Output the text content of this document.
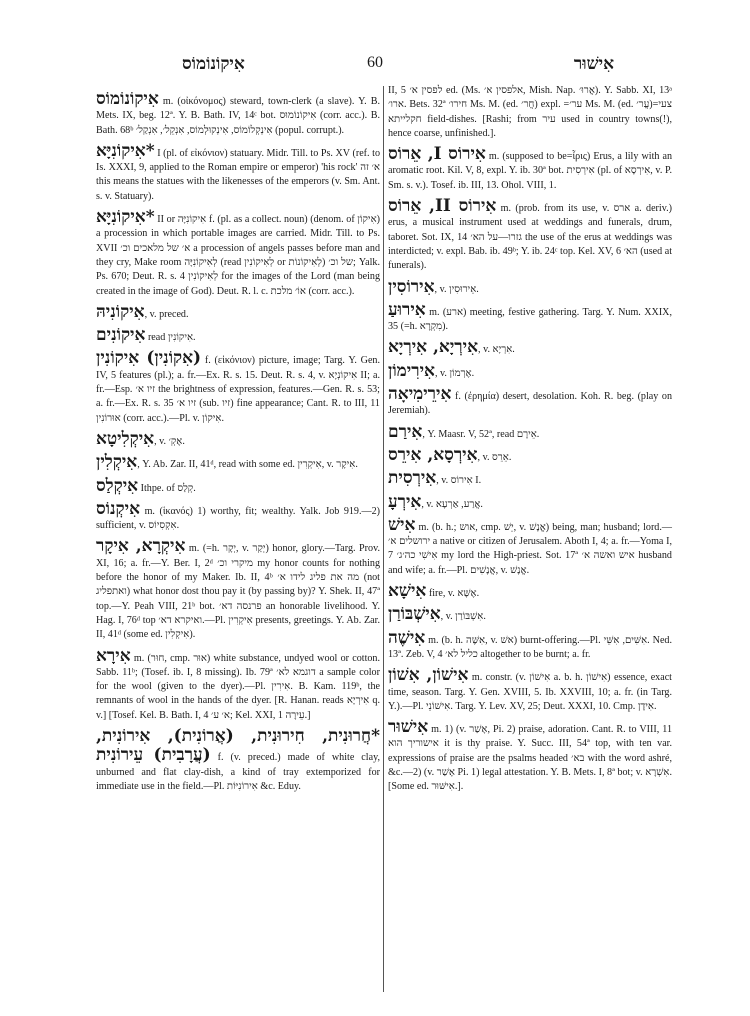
אִיקוֹנוֹמוֹס	60	אִישׁוּר

אִיקוֹנוֹמוֹס m. (οἰκόνομος) steward, town-clerk (a slave). Y. B. Mets. IX, beg. 12ª. Y. B. Bath. IV, 14ᶜ bot. אִיקוֹנוֹמוּס (corr. acc.). B. Bath. 68ᵇ אִינְקְלוֹמוֹס, אִינְקוּלְמוֹס, אִנְקֵל׳, אִנְקַל׳ (popul. corrupt.).

*אִיקוֹנִיָּא I (pl. of εἰκόνιον) statuary. Midr. Till. to Ps. XV (ref. to Is. XXXI, 9, applied to the Roman empire or emperor) 'his rock' א׳ זה this means the statues with the likenesses of the emperors (v. Sm. Ant. s. v. Statuary).

*אִיקוֹנִיָּא II or אִיקוֹנִיָּה f. (pl. as a collect. noun) (denom. of אִיקוֹן) a procession in which portable images are carried. Midr. Till. to Ps. XVII א׳ של מלאכים וכ׳ a procession of angels passes before man and they cry, Make room לְאִיקוֹנִיָּה (read לְאִיקוֹנִין or לְאִיקוֹנוֹת) של וכ׳; Yalk. Ps. 670; Deut. R. s. 4 לְאִיקוֹנִין for the images of the Lord (man being created in the image of God). Deut. R. l. c. אוֹ׳ מלכת (corr. acc.).

אִיקוֹנִיהּ, v. preced.

אִיקוֹנִים read אִיקוֹנִין.

(אִקוֹנִין) אִיקוֹנִין f. (εἰκόνιον) picture, image; Targ. Y. Gen. IV, 5 features (pl.); a. fr.—Ex. R. s. 15. Deut. R. s. 4, v. אִיקוֹנְיָא II; a. fr.—Esp. זיו א׳ the brightness of expression, features.—Gen. R. s. 53; a. fr.—Ex. R. s. 35 זיו א׳ (sub. זיו) fine appearance; Cant. R. to III, 11 אוּרוֹנִין (corr. acc.).—Pl. v. אִיקוֹן.

אִיקְלִיטָא, v. אֶקְ׳.

אִיקְלִין, Y. Ab. Zar. II, 41ᵈ, read with some ed. אִיקְרִין, v. אִיקָר.

אִיקְלַס Ithpe. of קְלַס.

אִיקְנוֹס m. (ἱκανός) 1) worthy, fit; wealthy. Yalk. Job 919.—2) sufficient, v. אִקְסִיוֹס.

אִיקְרָא, אִיקָר m. (=h. יְקָר, v. יְקַר) honor, glory.—Targ. Prov. XI, 16; a. fr.—Y. Ber. I, 2ᵈ מיקרי וכ׳ my honor counts for nothing before the honor of my Maker. Ib. II, 4ᵇ מה את פליג לידו א׳ (not ואתפליג) what honor dost thou pay it (by passing by)? Y. Shek. II, 47ª top.—Y. Peah VIII, 21ᵇ bot. פרנסה דא׳ an honorable livelihood. Y. Hag. I, 76ᵈ top ואיקרא דא׳.—Pl. אִיקְרִין presents, greetings. Y. Ab. Zar. II, 41ᵈ (some ed. אִיקְלִין).

אִירָא m. (חוּר, cmp. אוּר) white substance, undyed wool or cotton. Sabb. 11ᵇ; (Tosef. ib. I, 8 missing). Ib. 79ª דוגמא לא׳ a sample color for the wool (given to the dyer).—Pl. אִירִין. B. Kam. 119ᵇ, the remnants of wool in the hands of the dyer. [R. Hanan. reads אִירְיָא q. v.] [Tosef. Kel. B. Bath. I, 4 א׳ ע׳; Kel. XXI, 1 עֵירָה.]

*חֲרוּנִית, חִירוּנִית, (אֲרוֹנִית), אִירוֹנִית, (עֲרָבִית) עֵירוֹנִית f. (v. preced.) made of white clay, unburned and flat clay-dish, a kind of tray extemporized for immediate use in the field.—Pl. אִירוֹנִיּוֹת &c. Eduy.

II, 5 לפסין א׳ ed. (Ms. אלפסין א׳, Mish. Nap. אֲרוּ׳). Y. Sabb. XI, 13ᵃ ארו׳. Bets. 32ª חירו׳ Ms. M. (ed. חֲר׳) expl. =ער׳ Ms. M. (ed. עֲר׳)=צעי חקלייתא field-dishes. [Rashi; from עיר used in country towns(!), hence coarse, unfinished.].

אִירוֹס I, אֵרוֹס m. (supposed to be=ἶρις) Erus, a lily with an aromatic root. Kil. V, 8, expl. Y. ib. 30ª bot. אִירְסִית (pl. of אִירְסָא, v. P. Sm. s. v.). Tosef. ib. III, 13. Ohol. VIII, 1.

אִירוֹס II, אֵרוֹס m. (prob. from its use, v. ארס a. deriv.) erus, a musical instrument used at weddings and funerals, drum, taboret. Sot. IX, 14 גזרו—על הא׳ the use of the erus at weddings was interdicted; v. expl. Bab. ib. 49ᵇ; Y. ib. 24ᶜ top. Kel. XV, 6 הא׳ (used at funerals).

אִירוֹסִין, v. אֵירוּסִין.

אִירוּעַ m. (ארע) meeting, festive gathering. Targ. Y. Num. XXIX, 35 (=h. מִקְרָא).

אִירְיָא, אִירְיָא, v. אִרְיָא.

אִירִימוֹן, v. אֶרְמוֹן.

אִירֵימִיאָה f. (ἐρημία) desert, desolation. Koh. R. beg. (play on Jeremiah).

אִירַם, Y. Maasr. V, 52ª, read אֵירָם.

אִירְסָא, אִירֵס, v. אֵרֵס.

אִירְסִית, v. אִירוֹס I.

אִירְעָ, v. אֲרַע, אַרְעָא.

אִישׁ m. (b. h.; אוש, cmp. יֵשׁ, v. אֱנָשׁ) being, man; husband; lord.—ירושלים א׳ a native or citizen of Jerusalem. Aboth I, 4; a. fr.—Yoma I, 7 אִישִׁי כה׳ג׳ my lord the High-priest. Sot. 17ª איש ואשה א׳ husband and wife; a. fr.—Pl. אֲנָשִׁים, v. אֱנָשׁ.

אִישָׁא fire, v. אֶשָּׁא.

אִישְׁבּוֹרַן, v. אִשְׁבּוֹרַן.

אִישֶׁה m. (b. h. אִשֶּׁה, v. אשׁ) burnt-offering.—Pl. אִשִּׁים, אִשֵּׁי. Ned. 13ª. Zeb. V, 4 כליל לא׳ altogether to be burnt; a. fr.

אִישׁוֹן, אִשׁוֹן m. constr. (v. אִישׁוֹן a. b. h. אִישׁוֹן) essence, exact time, season. Targ. Y. Gen. XVIII, 5. Ib. XXVIII, 10; a. fr. (in Targ. Y.).—Pl. אִישׁוֹנֵי. Targ. Y. Lev. XV, 25; Deut. XXXI, 10. Cmp. אִידָן.

אִישׁוּר m. 1) (v. אָשַׁר, Pi. 2) praise, adoration. Cant. R. to VIII, 11 אישוריך הוא it is thy praise. Y. Succ. III, 54ª top, with ten var. expressions of praise are the psalms headed בא׳ with the word ashré, &c.—2) (v. אָשַׁר Pi. 1) legal attestation. Y. B. Mets. I, 8ª bot; v. אִשְׁרָא. [Some ed. אִישּׁוּר.].
